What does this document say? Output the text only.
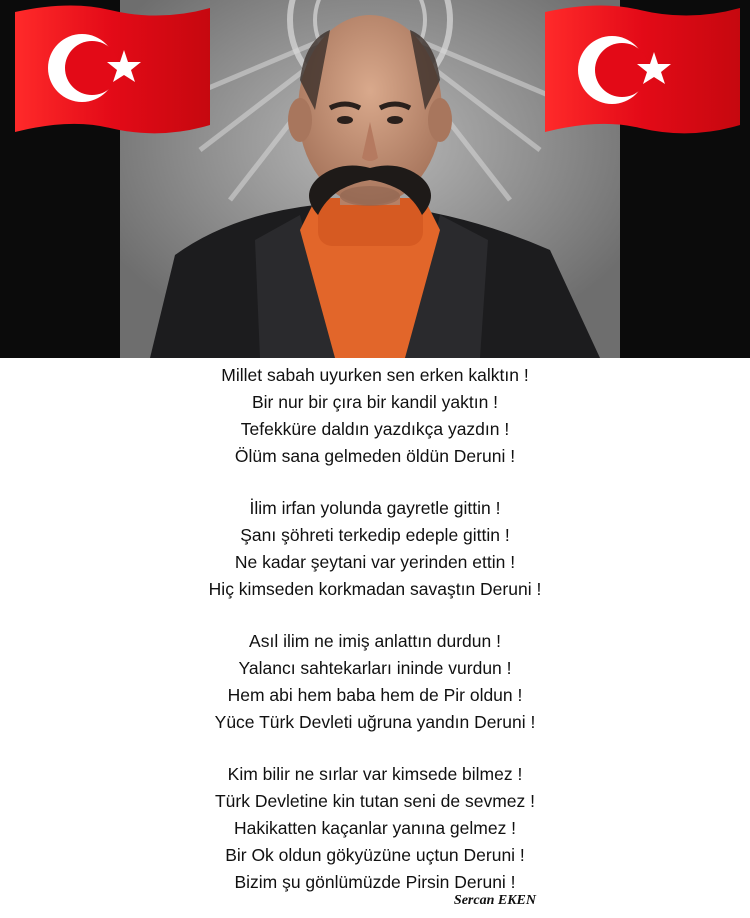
Millet sabah uyurken sen erken kalktın !
Bir nur bir çıra bir kandil yaktın !
Tefekküre daldın yazdıkça yazdın !
Ölüm sana gelmeden öldün Deruni !
İlim irfan yolunda gayretle gittin !
Şanı şöhreti terkedip edeple gittin !
Ne kadar şeytani var yerinden ettin !
Hiç kimseden korkmadan savaştın Deruni !
Asıl ilim ne imiş anlattın durdun !
Yalancı sahtekarları ininde vurdun !
Hem abi hem baba hem de Pir oldun !
Yüce Türk Devleti uğruna yandın Deruni !
Kim bilir ne sırlar var kimsede bilmez !
Türk Devletine kin tutan seni de sevmez !
Hakikatten kaçanlar yanına gelmez !
Bir Ok oldun gökyüzüne uçtun Deruni !
Bizim şu gönlümüzde Pirsin Deruni !
Sercan EKEN
